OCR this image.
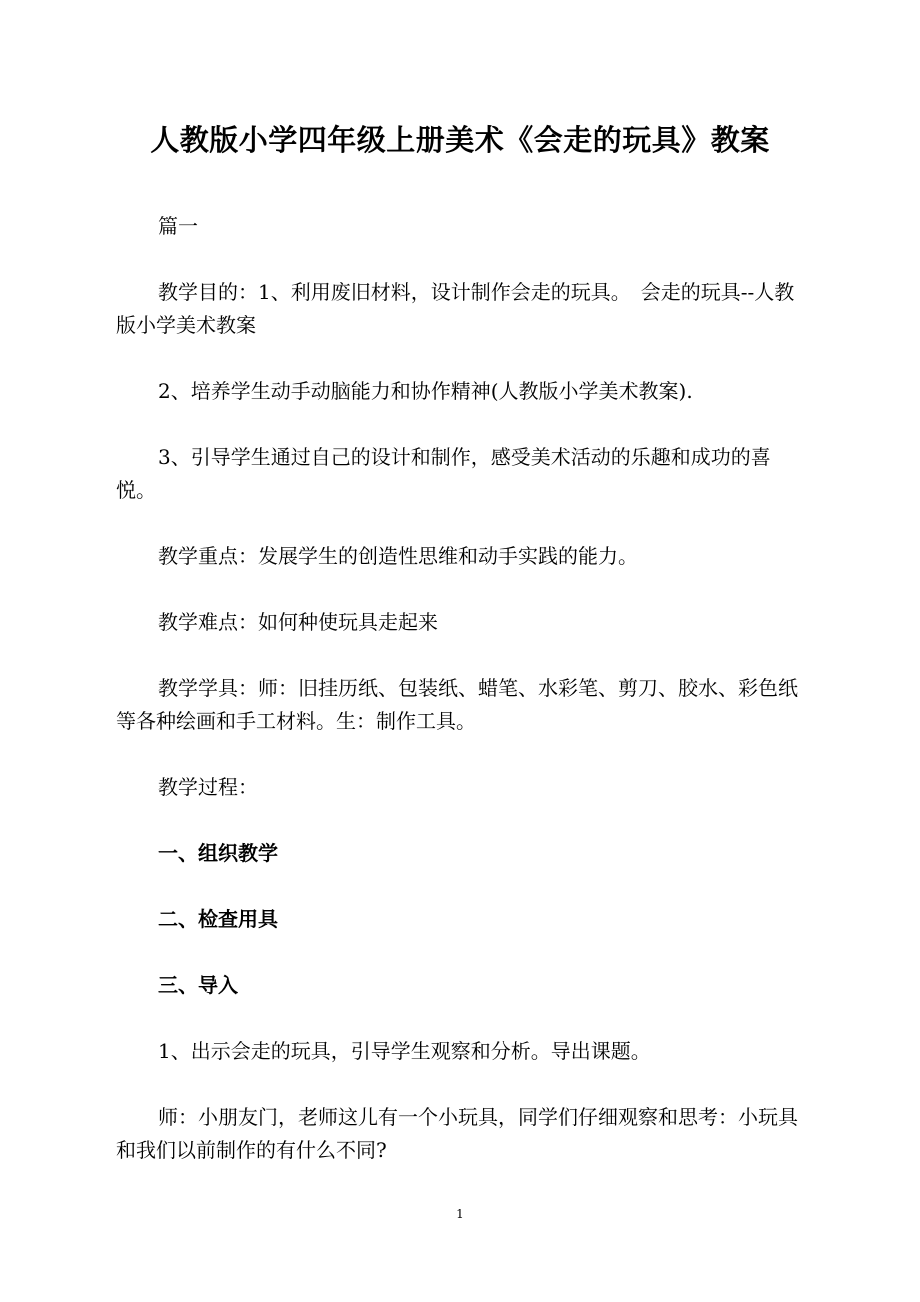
人教版小学四年级上册美术《会走的玩具》教案

篇一

教学目的：1、利用废旧材料，设计制作会走的玩具。　会走的玩具--人教版小学美术教案

2、培养学生动手动脑能力和协作精神(人教版小学美术教案).

3、引导学生通过自己的设计和制作，感受美术活动的乐趣和成功的喜悦。

教学重点：发展学生的创造性思维和动手实践的能力。

教学难点：如何种使玩具走起来

教学学具：师：旧挂历纸、包装纸、蜡笔、水彩笔、剪刀、胶水、彩色纸等各种绘画和手工材料。生：制作工具。

教学过程：

一、组织教学

二、检查用具

三、导入

1、出示会走的玩具，引导学生观察和分析。导出课题。

师：小朋友门，老师这儿有一个小玩具，同学们仔细观察和思考：小玩具和我们以前制作的有什么不同?

1
